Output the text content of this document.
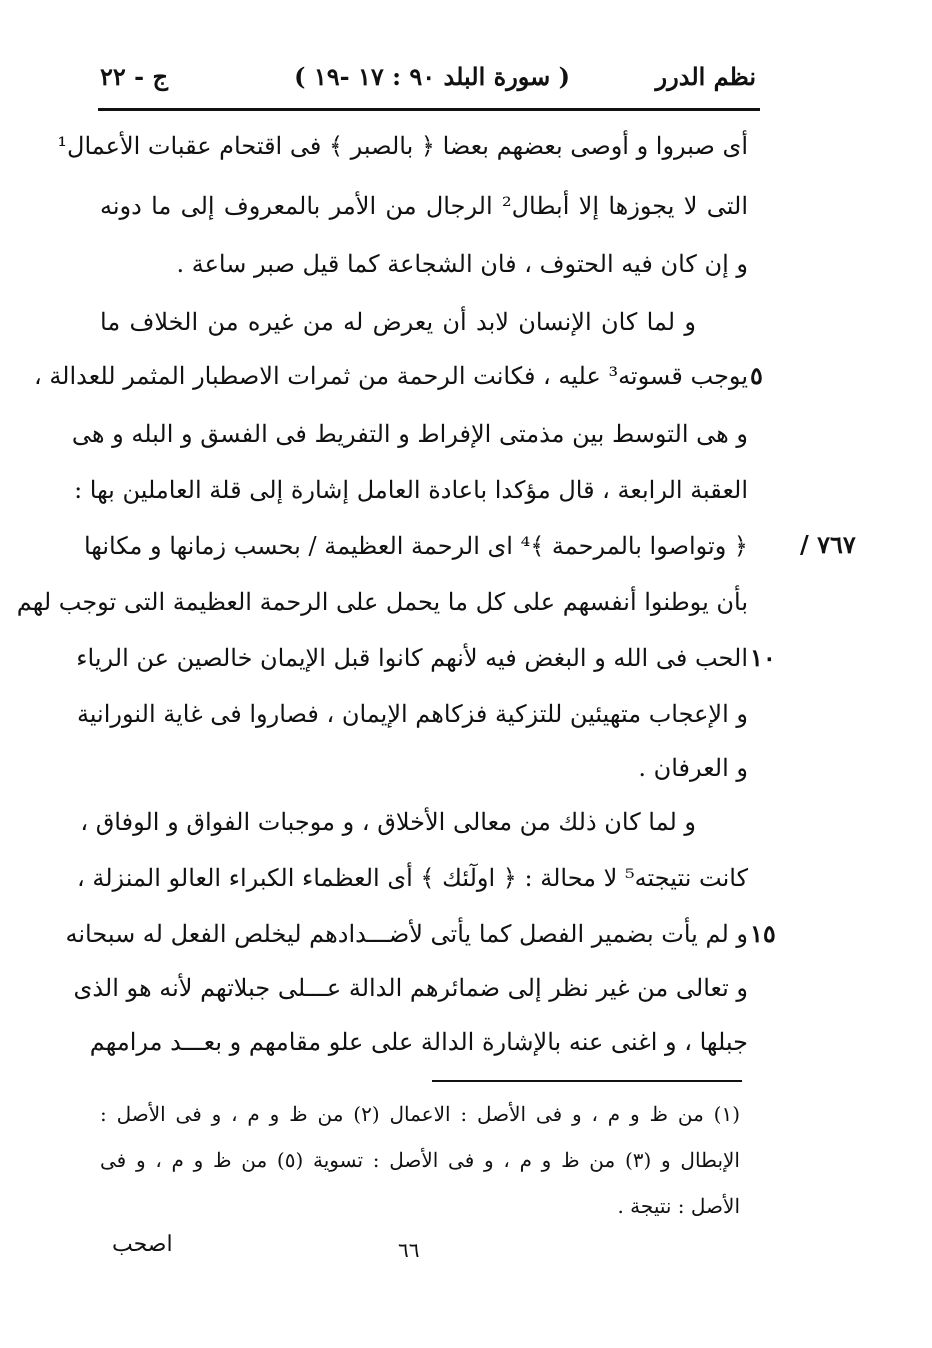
نظم الدرر
( سورة البلد ٩٠ : ١٧ -١٩ )
ج - ٢٢
٧٦٧ /
أى صبروا و أوصى بعضهم بعضا ﴿ بالصبر ﴾ فى اقتحام عقبات الأعمال¹
التى لا يجوزها إلا أبطال² الرجال من الأمر بالمعروف إلى ما دونه
و إن كان فيه الحتوف ، فان الشجاعة كما قيل صبر ساعة .
و لما كان الإنسان لابد أن يعرض له من غيره من الخلاف ما
٥
يوجب قسوته³ عليه ، فكانت الرحمة من ثمرات الاصطبار المثمر للعدالة ،
و هى التوسط بين مذمتى الإفراط و التفريط فى الفسق و البله و هى
العقبة الرابعة ، قال مؤكدا باعادة العامل إشارة إلى قلة العاملين بها :
﴿ وتواصوا بالمرحمة ﴾⁴ اى الرحمة العظيمة / بحسب زمانها و مكانها
بأن يوطنوا أنفسهم على كل ما يحمل على الرحمة العظيمة التى توجب لهم
١٠
الحب فى الله و البغض فيه لأنهم كانوا قبل الإيمان خالصين عن الرياء
و الإعجاب متهيئين للتزكية فزكاهم الإيمان ، فصاروا فى غاية النورانية
و العرفان .
و لما كان ذلك من معالى الأخلاق ، و موجبات الفواق و الوفاق ،
كانت نتيجته⁵ لا محالة : ﴿ اولٓئك ﴾ أى العظماء الكبراء العالو المنزلة ،
١٥
و لم يأت بضمير الفصل كما يأتى لأضـــدادهم ليخلص الفعل له سبحانه
و تعالى من غير نظر إلى ضمائرهم الدالة عـــلى جبلاتهم لأنه هو الذى
جبلها ، و اغنى عنه بالإشارة الدالة على علو مقامهم و بعـــد مرامهم
(١) من ظ و م ، و فى الأصل : الاعمال (٢) من ظ و م ، و فى الأصل :
الإبطال و (٣) من ظ و م ، و فى الأصل : تسوية (٥) من ظ و م ، و فى
الأصل : نتيجة .
اصحب	٦٦
